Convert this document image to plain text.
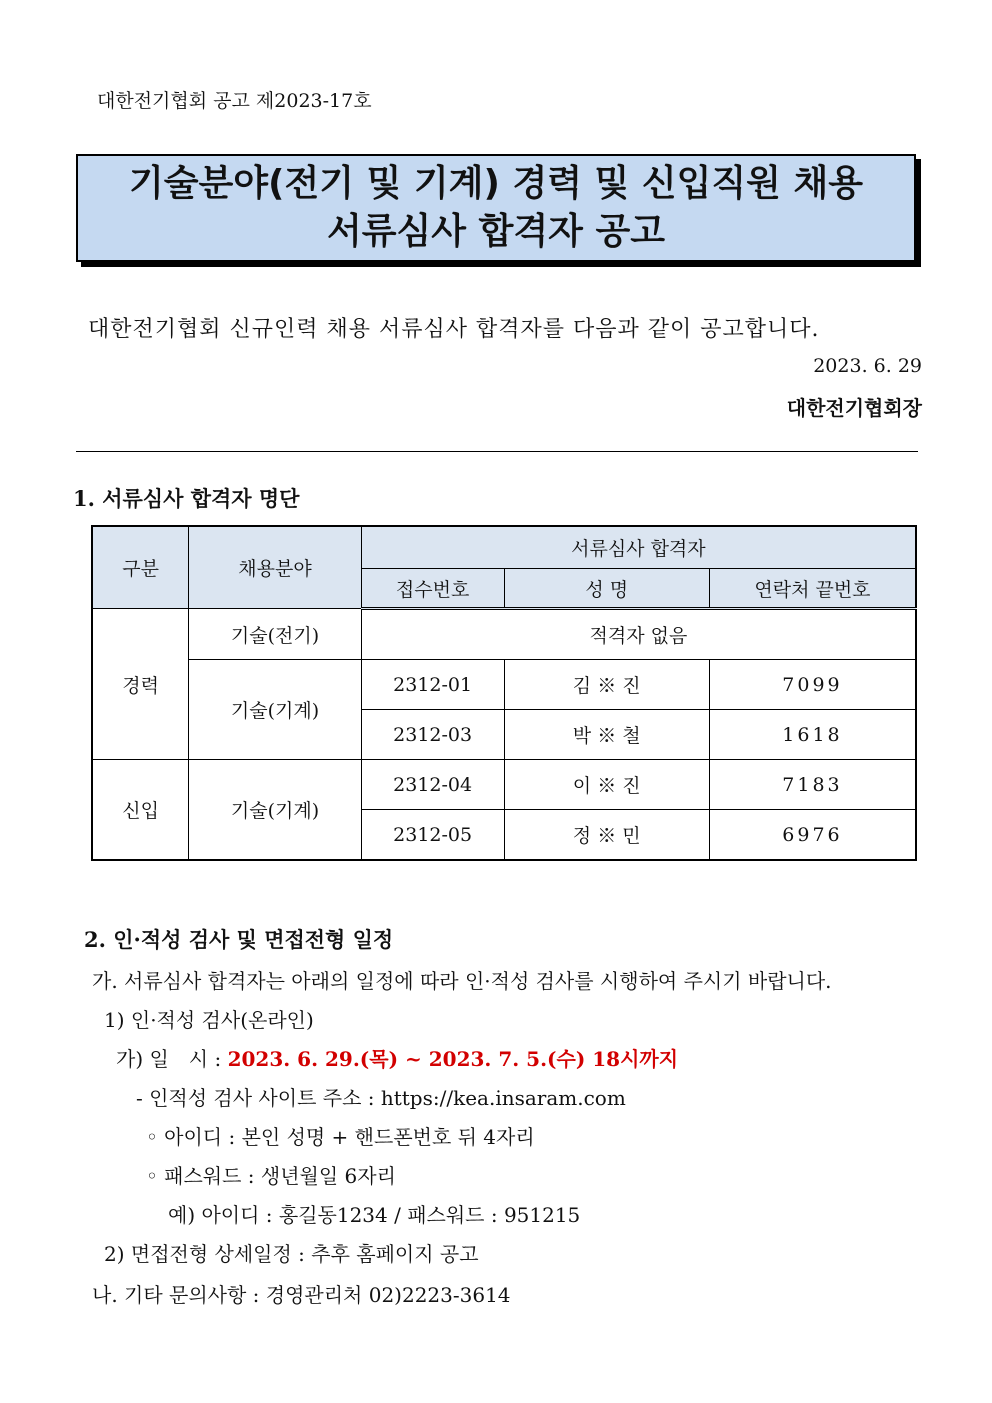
대한전기협회 공고 제2023-17호
기술분야(전기 및 기계) 경력 및 신입직원 채용
서류심사 합격자 공고
대한전기협회 신규인력 채용 서류심사 합격자를 다음과 같이 공고합니다.
2023. 6. 29
대한전기협회장
1. 서류심사 합격자 명단
구분	채용분야	서류심사 합격자		
		접수번호	성 명	연락처 끝번호
경력	기술(전기)	적격자 없음		
	기술(기계)	2312-01	김 ※ 진	7099
		2312-03	박 ※ 철	1618
신입	기술(기계)	2312-04	이 ※ 진	7183
		2312-05	정 ※ 민	6976
2. 인·적성 검사 및 면접전형 일정
가. 서류심사 합격자는 아래의 일정에 따라 인·적성 검사를 시행하여 주시기 바랍니다.
1) 인·적성 검사(온라인)
가) 일　시 : 2023. 6. 29.(목) ~ 2023. 7. 5.(수) 18시까지
- 인적성 검사 사이트 주소 : https://kea.insaram.com
◦ 아이디 : 본인 성명 + 핸드폰번호 뒤 4자리
◦ 패스워드 : 생년월일 6자리
예) 아이디 : 홍길동1234 / 패스워드 : 951215
2) 면접전형 상세일정 : 추후 홈페이지 공고
나. 기타 문의사항 : 경영관리처 02)2223-3614
